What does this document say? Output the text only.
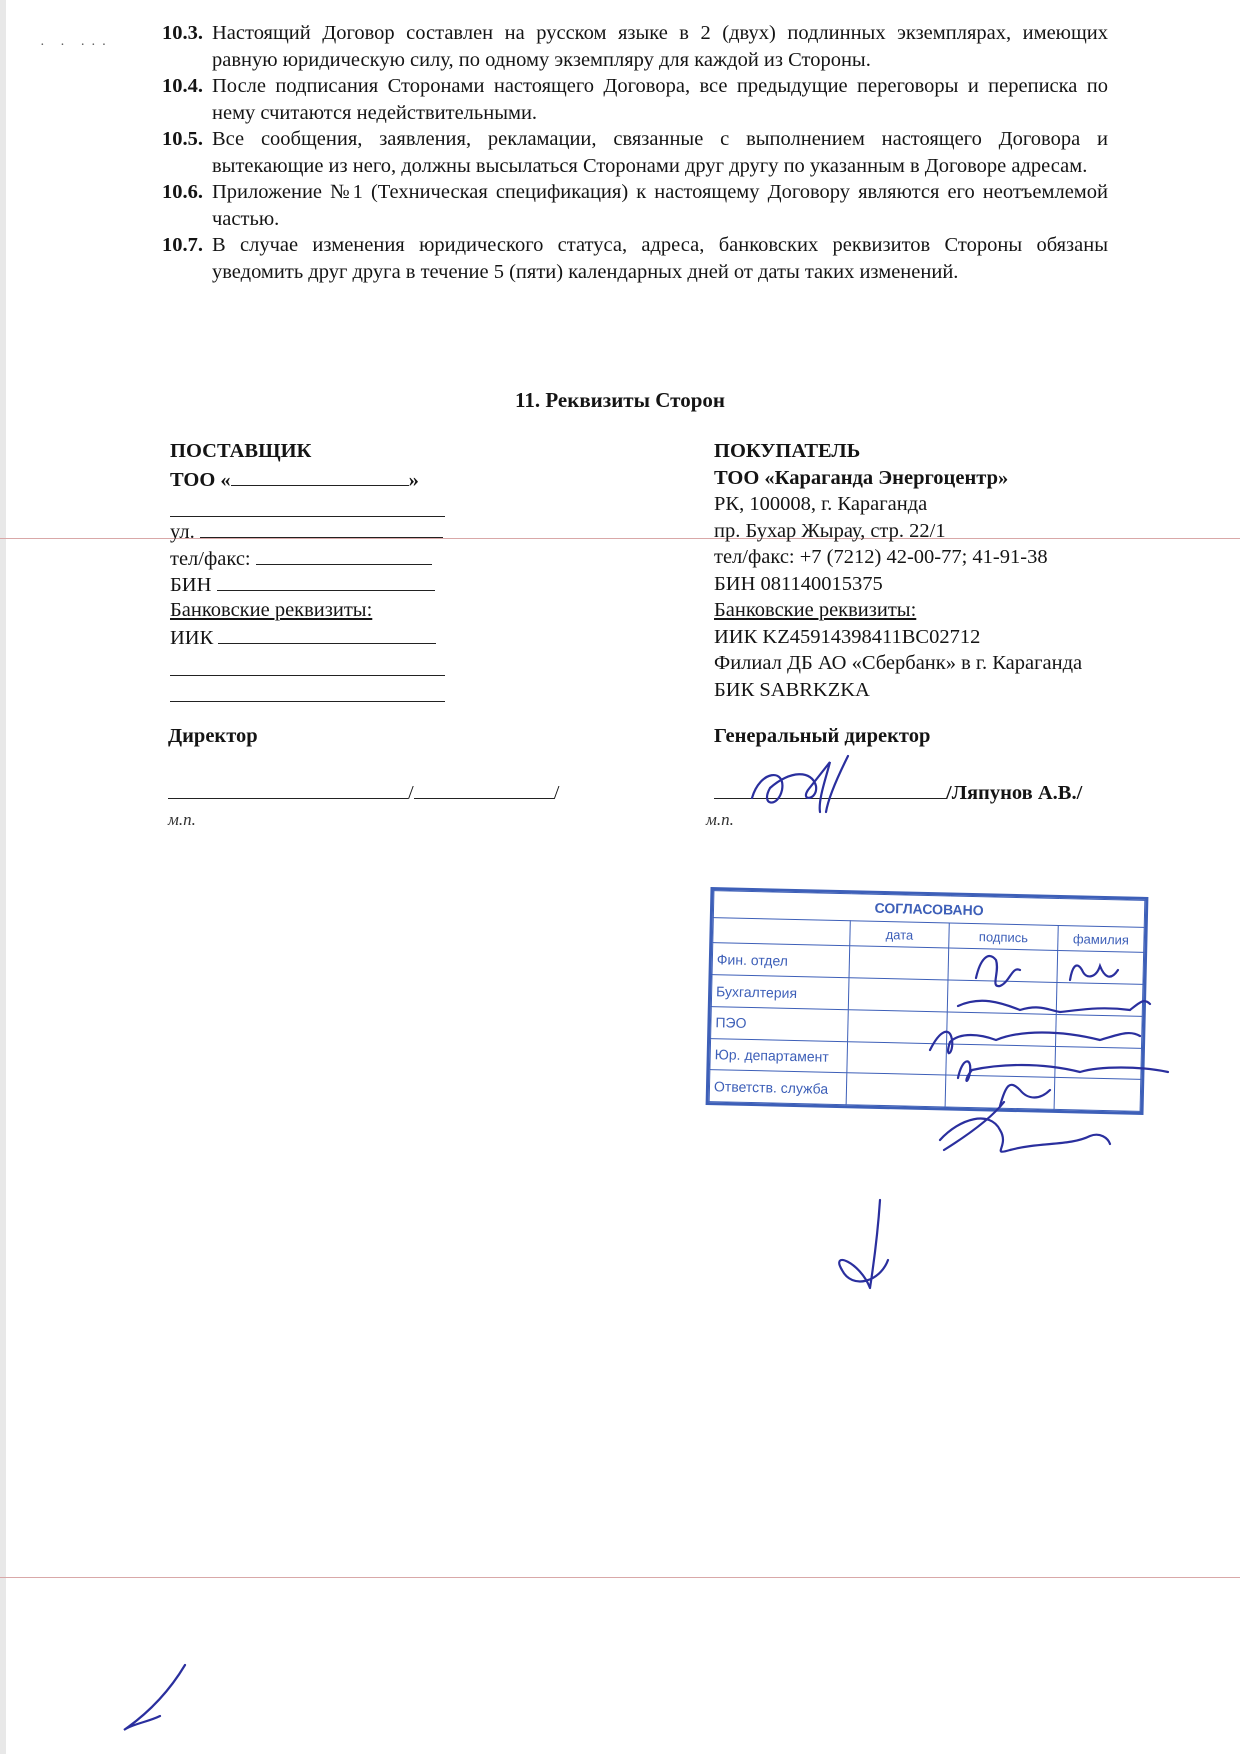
· · ···
10.3. Настоящий Договор составлен на русском языке в 2 (двух) подлинных экземплярах, имеющих равную юридическую силу, по одному экземпляру для каждой из Стороны.
10.4. После подписания Сторонами настоящего Договора, все предыдущие переговоры и переписка по нему считаются недействительными.
10.5. Все сообщения, заявления, рекламации, связанные с выполнением настоящего Договора и вытекающие из него, должны высылаться Сторонами друг другу по указанным в Договоре адресам.
10.6. Приложение №1 (Техническая спецификация) к настоящему Договору являются его неотъемлемой частью.
10.7. В случае изменения юридического статуса, адреса, банковских реквизитов Стороны обязаны уведомить друг друга в течение 5 (пяти) календарных дней от даты таких изменений.
11. Реквизиты Сторон
ПОСТАВЩИК
ТОО «	»
ул.
тел/факс:
БИН
Банковские реквизиты:
ИИК
ПОКУПАТЕЛЬ
ТОО «Караганда Энергоцентр»
РК, 100008, г. Караганда
пр. Бухар Жырау, стр. 22/1
тел/факс: +7 (7212) 42-00-77; 41-91-38
БИН 081140015375
Банковские реквизиты:
ИИК KZ45914398411BC02712
Филиал ДБ АО «Сбербанк» в г. Караганда
БИК SABRKZKA
Директор
/	/
м.п.
Генеральный директор
/Ляпунов А.В./
м.п.
СОГЛАСОВАНО			
	дата	подпись	фамилия
Фин. отдел			
Бухгалтерия			
ПЭО			
Юр. департамент			
Ответств. служба			
